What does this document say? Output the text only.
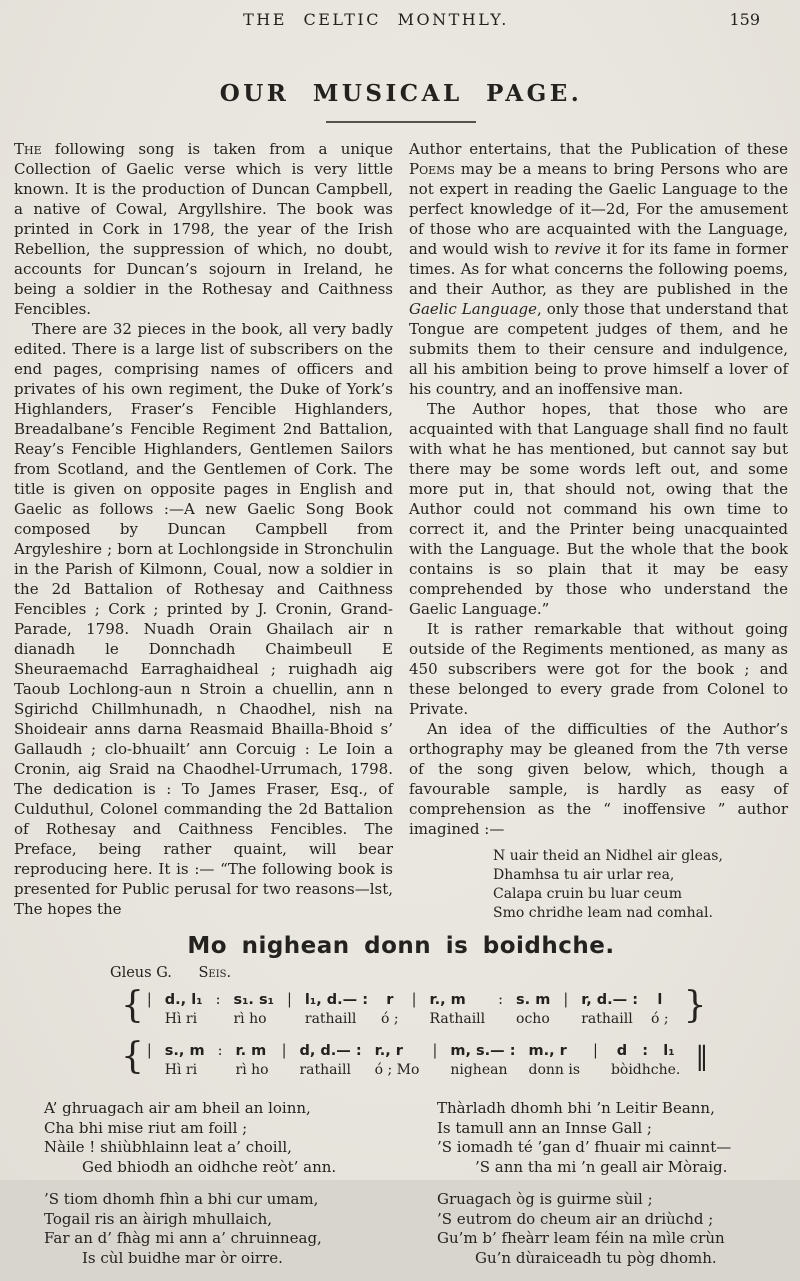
THE CELTIC MONTHLY.	159
OUR MUSICAL PAGE.

The following song is taken from a unique Collection of Gaelic verse which is very little known. It is the production of Duncan Campbell, a native of Cowal, Argyllshire. The book was printed in Cork in 1798, the year of the Irish Rebellion, the suppression of which, no doubt, accounts for Duncan’s sojourn in Ireland, he being a soldier in the Rothesay and Caithness Fencibles.

There are 32 pieces in the book, all very badly edited. There is a large list of subscribers on the end pages, comprising names of officers and privates of his own regiment, the Duke of York’s Highlanders, Fraser’s Fencible Highlanders, Breadalbane’s Fencible Regiment 2nd Battalion, Reay’s Fencible Highlanders, Gentlemen Sailors from Scotland, and the Gentlemen of Cork. The title is given on opposite pages in English and Gaelic as follows :—A new Gaelic Song Book composed by Duncan Campbell from Argyleshire ; born at Lochlongside in Stronchulin in the Parish of Kilmonn, Coual, now a soldier in the 2d Battalion of Rothesay and Caithness Fencibles ; Cork ; printed by J. Cronin, Grand-Parade, 1798. Nuadh Orain Ghailach air n dianadh le Donnchadh Chaimbeull E Sheuraemachd Earraghaidheal ; ruighadh aig Taoub Lochlong-aun n Stroin a chuellin, ann n Sgirichd Chillmhunadh, n Chaodhel, nish na Shoideair anns darna Reasmaid Bhailla-Bhoid s’ Gallaudh ; clo-bhuailt’ ann Corcuig : Le Ioin a Cronin, aig Sraid na Chaodhel-Urrumach, 1798. The dedication is : To James Fraser, Esq., of Culduthul, Colonel commanding the 2d Battalion of Rothesay and Caithness Fencibles. The Preface, being rather quaint, will bear reproducing here. It is :— “The following book is presented for Public perusal for two reasons—lst, The hopes the

Author entertains, that the Publication of these Poems may be a means to bring Persons who are not expert in reading the Gaelic Language to the perfect knowledge of it—2d, For the amusement of those who are acquainted with the Language, and would wish to revive it for its fame in former times. As for what concerns the following poems, and their Author, as they are published in the Gaelic Language, only those that understand that Tongue are competent judges of them, and he submits them to their censure and indulgence, all his ambition being to prove himself a lover of his country, and an inoffensive man.

The Author hopes, that those who are acquainted with that Language shall find no fault with what he has mentioned, but cannot say but there may be some words left out, and some more put in, that should not, owing that the Author could not command his own time to correct it, and the Printer being unacquainted with the Language. But the whole that the book contains is so plain that it may be easy comprehended by those who understand the Gaelic Language.”

It is rather remarkable that without going outside of the Regiments mentioned, as many as 450 subscribers were got for the book ; and these belonged to every grade from Colonel to Private.

An idea of the difficulties of the Author’s orthography may be gleaned from the 7th verse of the song given below, which, though a favourable sample, is hardly as easy of comprehension as the “ inoffensive ” author imagined :—

N uair theid an Nidhel air gleas,
Dhamhsa tu air urlar rea,
Calapa cruin bu luar ceum
Smo chridhe leam nad comhal.
Mo nighean donn is boidhche.
Gleus G. Seis.
{ | d., l₁
Hì ri
: s₁. s₁
rì ho
| l₁, d.— :
rathaill
r
ó ;
| r., m
Rathaill
: s. m
ocho
| r, d.— :
rathaill
l
ó ; }
{ | s., m
Hì ri
: r. m
rì ho
| d, d.— :
rathaill
r., r
ó ; Mo
| m, s.— :
nighean
m., r
donn is
|	d   :   l₁
bòidhche. ‖
A’ ghruagach air am bheil an loinn,
Cha bhi mise riut am foill ;
Nàile ! shiùbhlainn leat a’ choill,
Ged bhiodh an oidhche reòt’ ann.
’S tiom dhomh fhìn a bhi cur umam,
Togail ris an àirigh mhullaich,
Far an d’ fhàg mi ann a’ chruinneag,
Is cùl buidhe mar òr oirre.
Thàrladh dhomh bhi ’n Leitir Beann,
Is tamull ann an Innse Gall ;
’S iomadh té ’gan d’ fhuair mi cainnt—
’S ann tha mi ’n geall air Mòraig.
Gruagach òg is guirme sùil ;
’S eutrom do cheum air an driùchd ;
Gu’m b’ fheàrr leam féin na mìle crùn
Gu’n dùraiceadh tu pòg dhomh.
